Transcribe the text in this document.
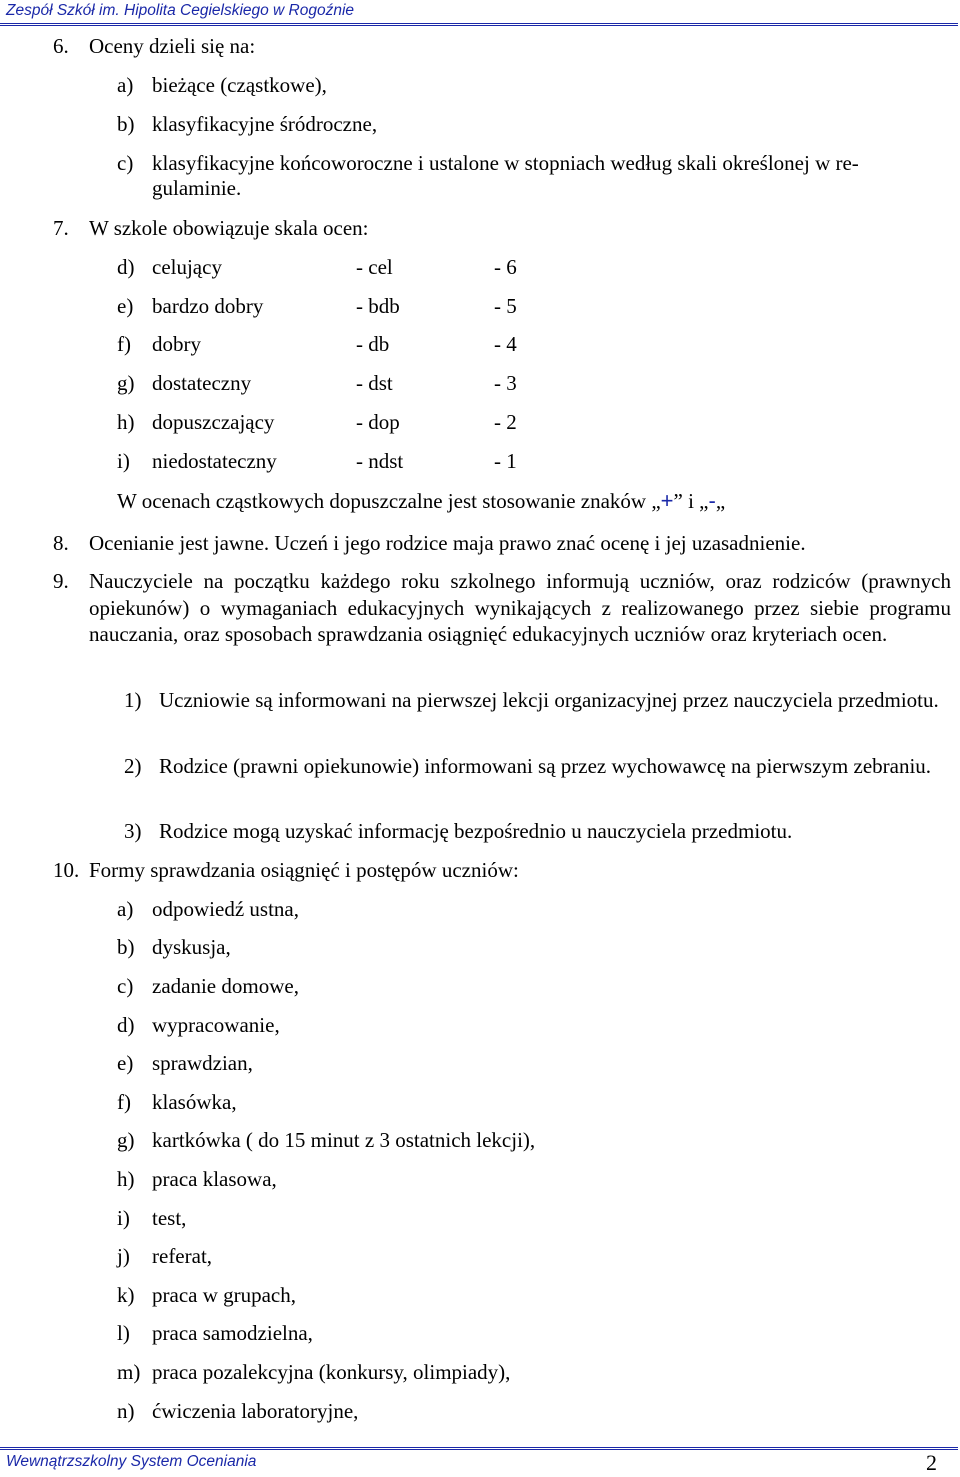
Zespół Szkół im. Hipolita Cegielskiego w Rogoźnie
6. Oceny dzieli się na:
a) bieżące (cząstkowe),
b) klasyfikacyjne śródroczne,
c) klasyfikacyjne końcoworoczne i ustalone w stopniach według skali określonej w re-
gulaminie.
7. W szkole obowiązuje skala ocen:
d) celujący	- cel	- 6
e) bardzo dobry	- bdb	- 5
f) dobry	- db	- 4
g) dostateczny	- dst	- 3
h) dopuszczający	- dop	- 2
i) niedostateczny	- ndst	- 1
W ocenach cząstkowych dopuszczalne jest stosowanie znaków „+” i „-„
8. Ocenianie jest jawne. Uczeń i jego rodzice maja prawo znać ocenę i jej uzasadnienie.
9. Nauczyciele na początku każdego roku szkolnego informują uczniów, oraz rodziców (prawnych opiekunów) o wymaganiach edukacyjnych wynikających z realizowanego przez siebie programu nauczania, oraz sposobach sprawdzania osiągnięć edukacyjnych uczniów oraz kryteriach ocen.
1) Uczniowie są informowani na pierwszej lekcji organizacyjnej przez nauczyciela przedmiotu.
2) Rodzice (prawni opiekunowie) informowani są przez wychowawcę na pierwszym zebraniu.
3) Rodzice mogą uzyskać informację bezpośrednio u nauczyciela przedmiotu.
10. Formy sprawdzania osiągnięć i postępów uczniów:
a) odpowiedź ustna,
b) dyskusja,
c) zadanie domowe,
d) wypracowanie,
e) sprawdzian,
f) klasówka,
g) kartkówka ( do 15 minut z 3 ostatnich lekcji),
h) praca klasowa,
i) test,
j) referat,
k) praca w grupach,
l) praca samodzielna,
m) praca pozalekcyjna (konkursy, olimpiady),
n) ćwiczenia laboratoryjne,
Wewnątrzszkolny System Oceniania	2
